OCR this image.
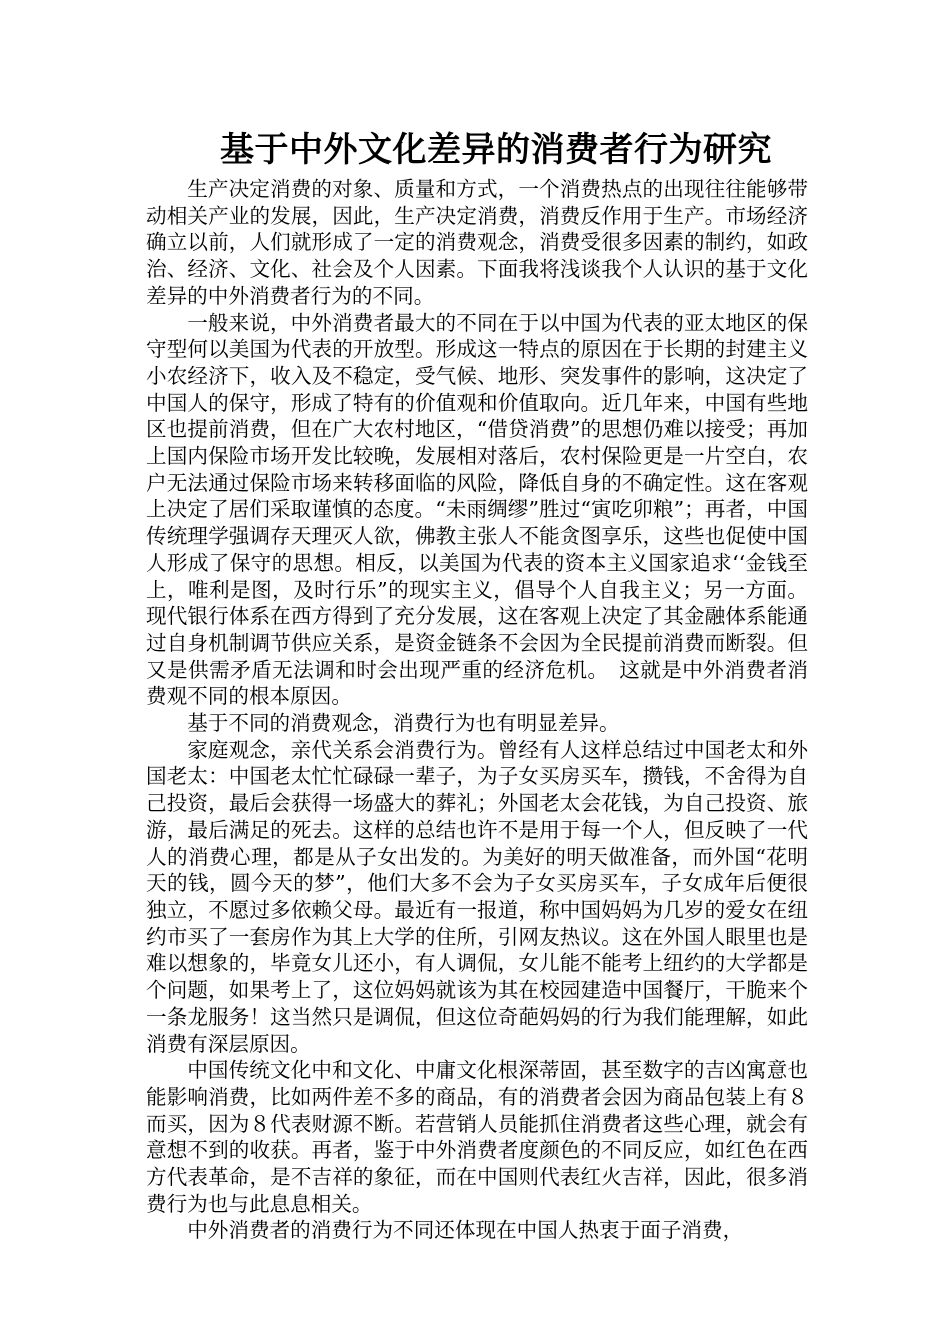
基于中外文化差异的消费者行为研究

生产决定消费的对象、质量和方式，一个消费热点的出现往往能够带动相关产业的发展，因此，生产决定消费，消费反作用于生产。市场经济确立以前，人们就形成了一定的消费观念，消费受很多因素的制约，如政治、经济、文化、社会及个人因素。下面我将浅谈我个人认识的基于文化差异的中外消费者行为的不同。

一般来说，中外消费者最大的不同在于以中国为代表的亚太地区的保守型何以美国为代表的开放型。形成这一特点的原因在于长期的封建主义小农经济下，收入及不稳定，受气候、地形、突发事件的影响，这决定了中国人的保守，形成了特有的价值观和价值取向。近几年来，中国有些地区也提前消费，但在广大农村地区，“借贷消费”的思想仍难以接受；再加上国内保险市场开发比较晚，发展相对落后，农村保险更是一片空白，农户无法通过保险市场来转移面临的风险，降低自身的不确定性。这在客观上决定了居们采取谨慎的态度。“未雨绸缪”胜过“寅吃卯粮”；再者，中国传统理学强调存天理灭人欲，佛教主张人不能贪图享乐，这些也促使中国人形成了保守的思想。相反，以美国为代表的资本主义国家追求‘‘金钱至上，唯利是图，及时行乐”的现实主义，倡导个人自我主义；另一方面。现代银行体系在西方得到了充分发展，这在客观上决定了其金融体系能通过自身机制调节供应关系，是资金链条不会因为全民提前消费而断裂。但又是供需矛盾无法调和时会出现严重的经济危机。　这就是中外消费者消费观不同的根本原因。

基于不同的消费观念，消费行为也有明显差异。

家庭观念，亲代关系会消费行为。曾经有人这样总结过中国老太和外国老太：中国老太忙忙碌碌一辈子，为子女买房买车，攒钱，不舍得为自己投资，最后会获得一场盛大的葬礼；外国老太会花钱，为自己投资、旅游，最后满足的死去。这样的总结也许不是用于每一个人，但反映了一代人的消费心理，都是从子女出发的。为美好的明天做准备，而外国“花明天的钱，圆今天的梦”，他们大多不会为子女买房买车，子女成年后便很独立，不愿过多依赖父母。最近有一报道，称中国妈妈为几岁的爱女在纽约市买了一套房作为其上大学的住所，引网友热议。这在外国人眼里也是难以想象的，毕竟女儿还小，有人调侃，女儿能不能考上纽约的大学都是个问题，如果考上了，这位妈妈就该为其在校园建造中国餐厅，干脆来个一条龙服务！这当然只是调侃，但这位奇葩妈妈的行为我们能理解，如此消费有深层原因。

中国传统文化中和文化、中庸文化根深蒂固，甚至数字的吉凶寓意也能影响消费，比如两件差不多的商品，有的消费者会因为商品包装上有８而买，因为８代表财源不断。若营销人员能抓住消费者这些心理，就会有意想不到的收获。再者，鉴于中外消费者度颜色的不同反应，如红色在西方代表革命，是不吉祥的象征，而在中国则代表红火吉祥，因此，很多消费行为也与此息息相关。

中外消费者的消费行为不同还体现在中国人热衷于面子消费，
